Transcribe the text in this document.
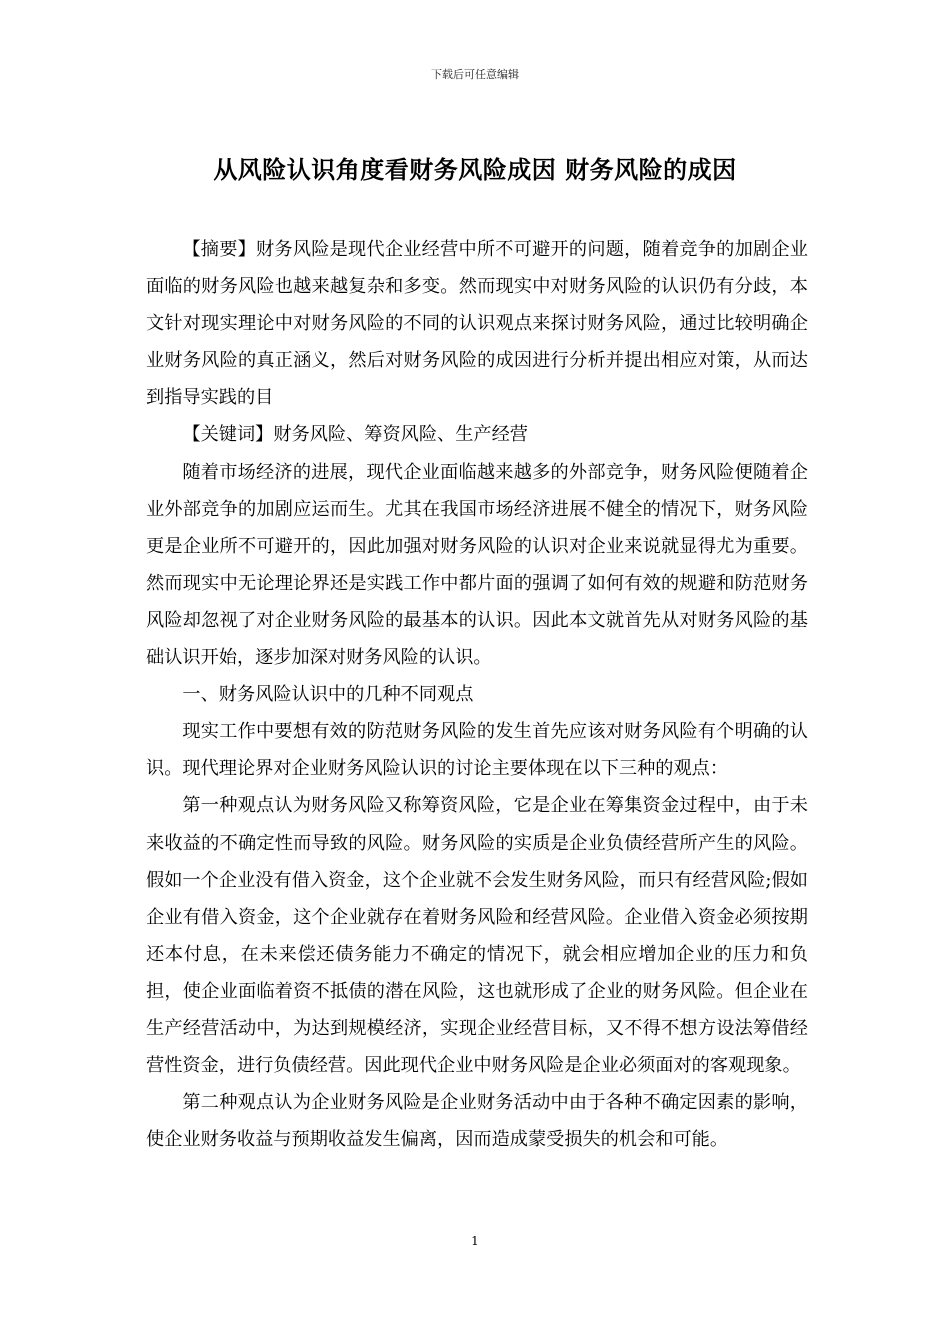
下载后可任意编辑
从风险认识角度看财务风险成因 财务风险的成因

【摘要】财务风险是现代企业经营中所不可避开的问题，随着竞争的加剧企业面临的财务风险也越来越复杂和多变。然而现实中对财务风险的认识仍有分歧，本文针对现实理论中对财务风险的不同的认识观点来探讨财务风险，通过比较明确企业财务风险的真正涵义，然后对财务风险的成因进行分析并提出相应对策，从而达到指导实践的目

【关键词】财务风险、筹资风险、生产经营

随着市场经济的进展，现代企业面临越来越多的外部竞争，财务风险便随着企业外部竞争的加剧应运而生。尤其在我国市场经济进展不健全的情况下，财务风险更是企业所不可避开的，因此加强对财务风险的认识对企业来说就显得尤为重要。然而现实中无论理论界还是实践工作中都片面的强调了如何有效的规避和防范财务风险却忽视了对企业财务风险的最基本的认识。因此本文就首先从对财务风险的基础认识开始，逐步加深对财务风险的认识。

一、财务风险认识中的几种不同观点

现实工作中要想有效的防范财务风险的发生首先应该对财务风险有个明确的认识。现代理论界对企业财务风险认识的讨论主要体现在以下三种的观点：

第一种观点认为财务风险又称筹资风险，它是企业在筹集资金过程中，由于未来收益的不确定性而导致的风险。财务风险的实质是企业负债经营所产生的风险。假如一个企业没有借入资金，这个企业就不会发生财务风险，而只有经营风险;假如企业有借入资金，这个企业就存在着财务风险和经营风险。企业借入资金必须按期还本付息，在未来偿还债务能力不确定的情况下，就会相应增加企业的压力和负担，使企业面临着资不抵债的潜在风险，这也就形成了企业的财务风险。但企业在生产经营活动中，为达到规模经济，实现企业经营目标，又不得不想方设法筹借经营性资金，进行负债经营。因此现代企业中财务风险是企业必须面对的客观现象。

第二种观点认为企业财务风险是企业财务活动中由于各种不确定因素的影响，使企业财务收益与预期收益发生偏离，因而造成蒙受损失的机会和可能。

1
